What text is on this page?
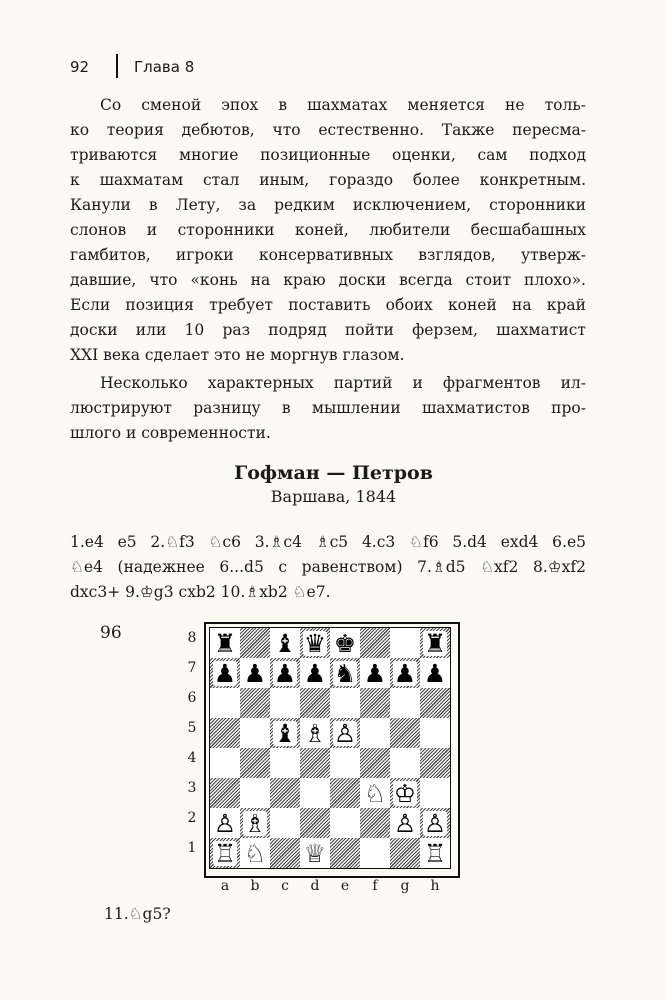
92	Глава 8
Со сменой эпох в шахматах меняется не толь-
ко теория дебютов, что естественно. Также пересма-
триваются многие позиционные оценки, сам подход
к шахматам стал иным, гораздо более конкретным.
Канули в Лету, за редким исключением, сторонники
слонов и сторонники коней, любители бесшабашных
гамбитов, игроки консервативных взглядов, утверж-
давшие, что «конь на краю доски всегда стоит плохо».
Если позиция требует поставить обоих коней на край
доски или 10 раз подряд пойти ферзем, шахматист
XXI века сделает это не моргнув глазом.
Несколько характерных партий и фрагментов ил-
люстрируют разницу в мышлении шахматистов про-
шлого и современности.
Гофман — Петров
Варшава, 1844
1.e4 e5 2.♘f3 ♘c6 3.♗c4 ♗c5 4.c3 ♘f6 5.d4 exd4 6.e5
♘e4 (надежнее 6...d5 с равенством) 7.♗d5 ♘xf2 8.♔xf2
dxc3+ 9.♔g3 cxb2 10.♗xb2 ♘e7.
96	♜ ♝ ♛ ♚	♜
♟ ♟ ♟ ♟ ♞ ♟ ♟ ♟
♝ ♗ ♙
♘ ♔
♙ ♗	♙ ♙
♖ ♘ ♕	♖
8
7
6
5
4
3
2
1
a	b	c	d	e	f	g	h
11.♘g5?
